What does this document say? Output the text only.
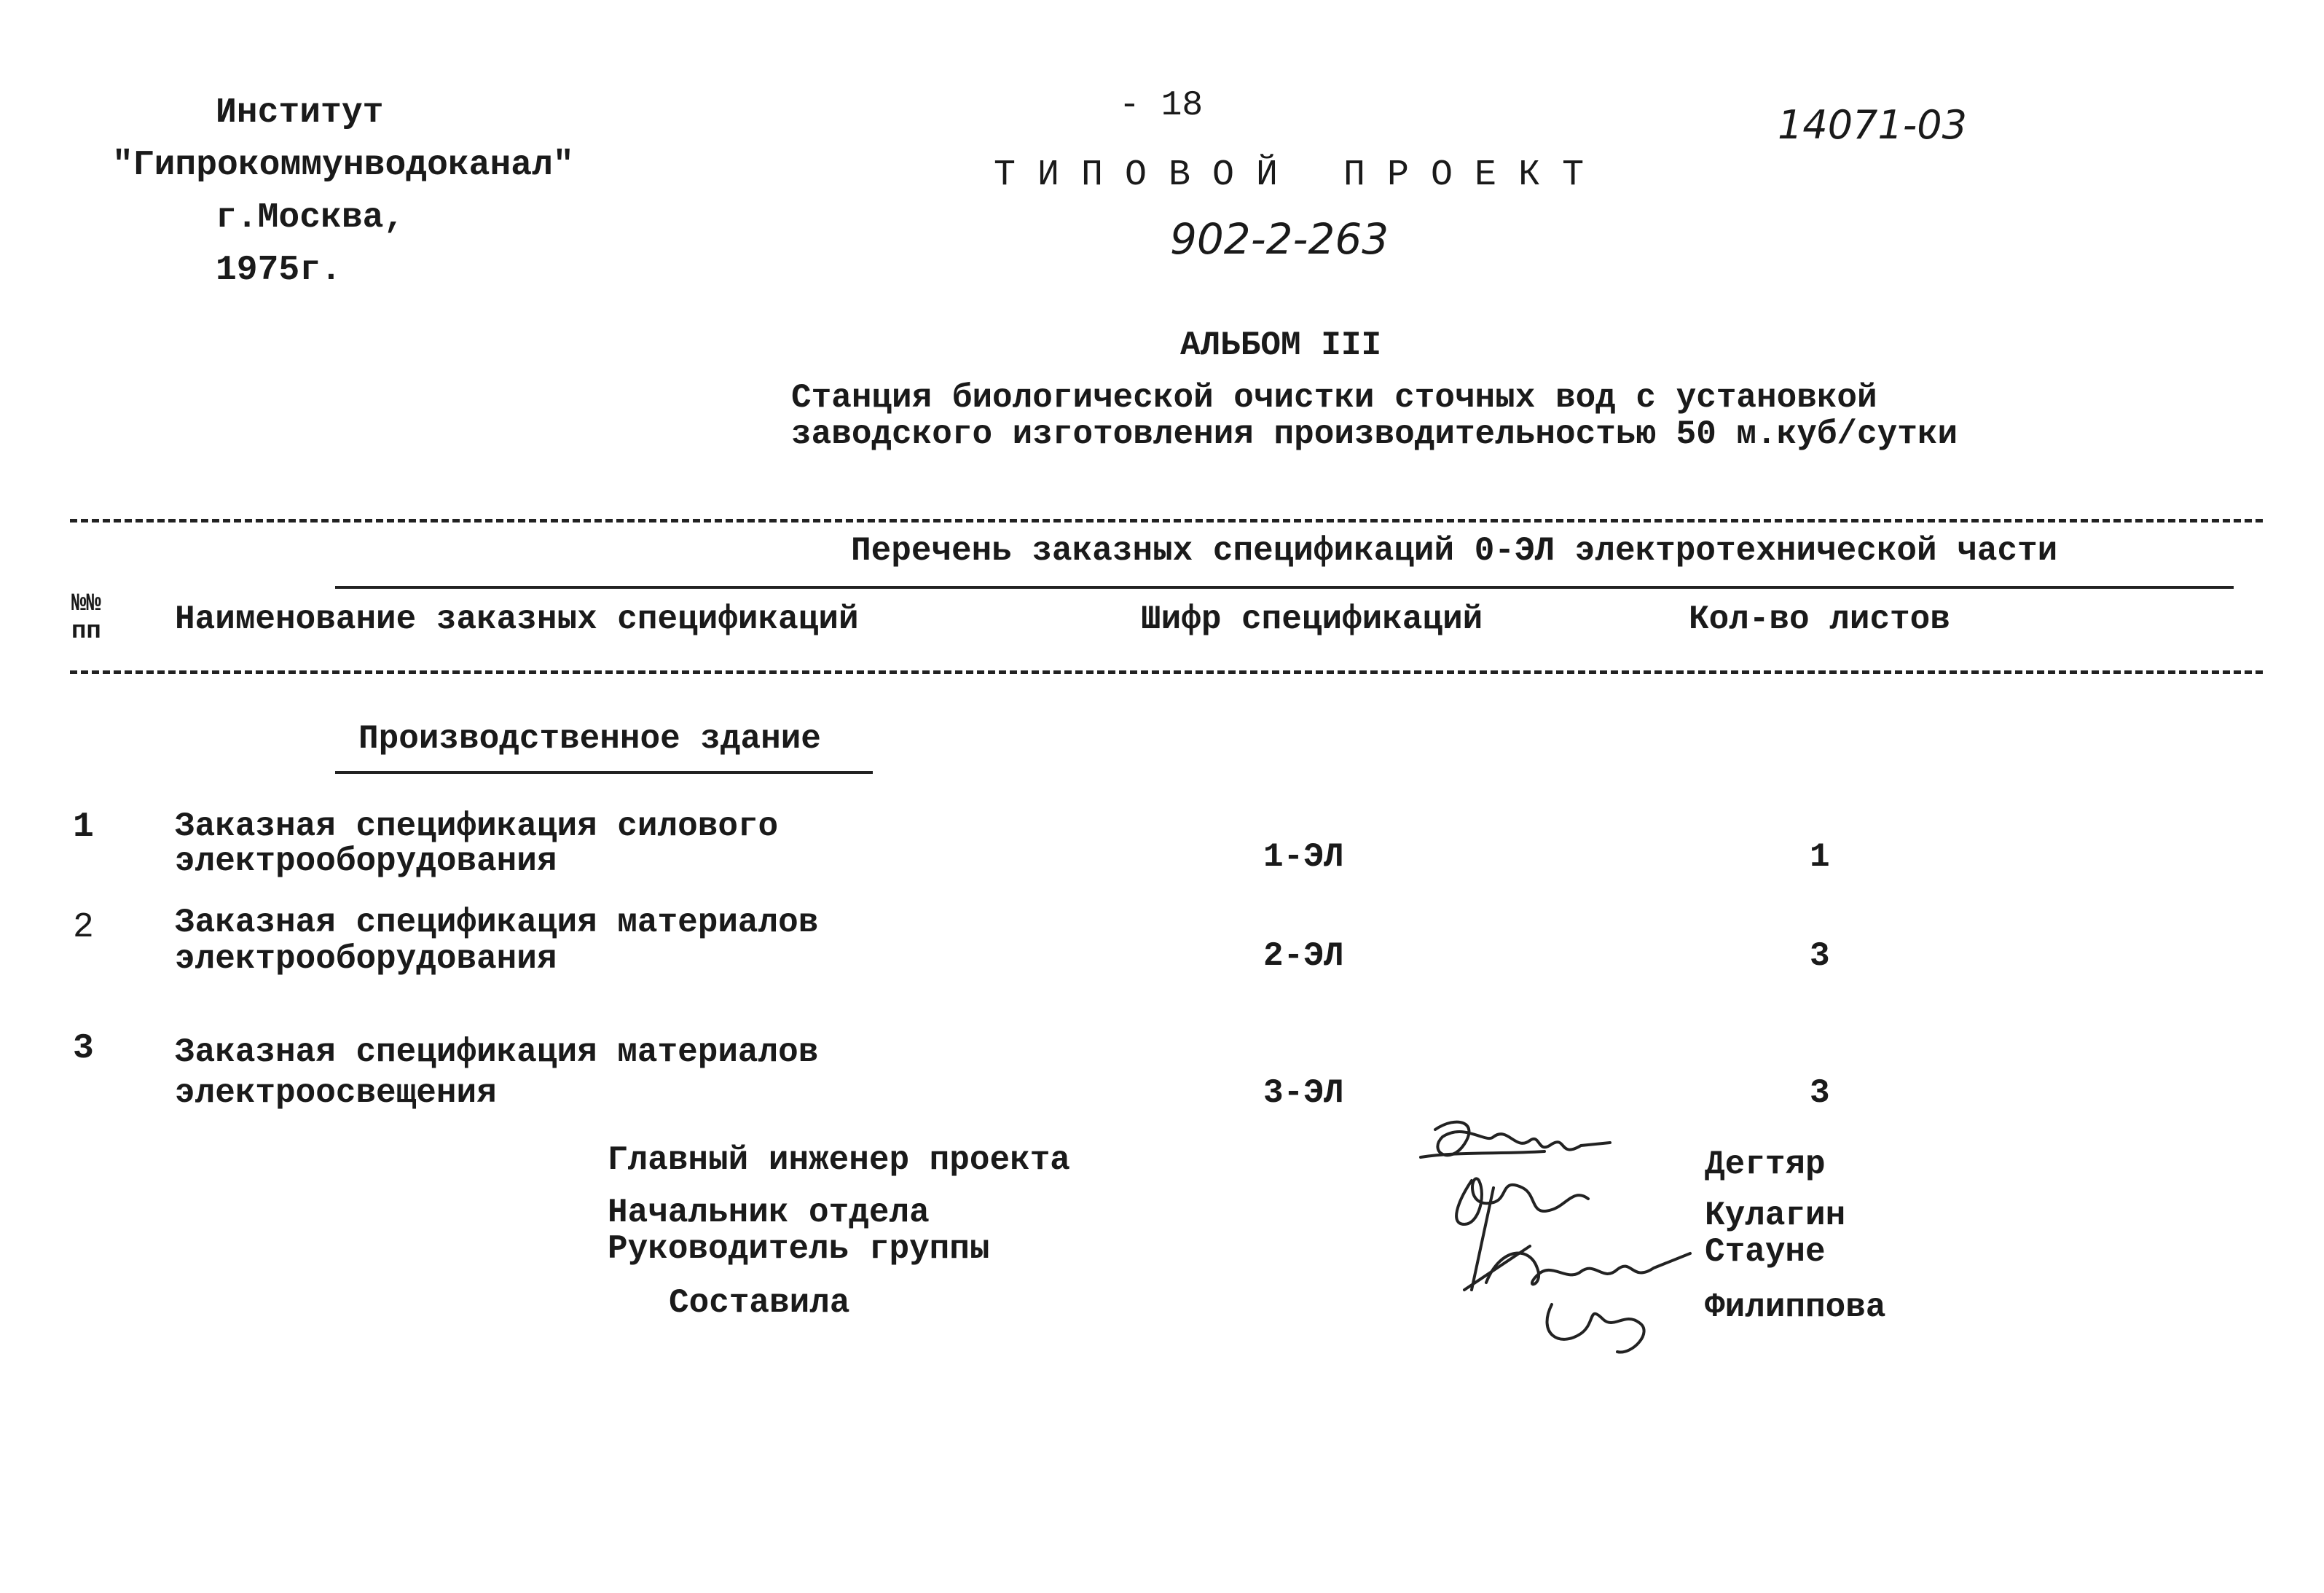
Институт
"Гипрокоммунводоканал"
г.Москва,
1975г.
- 18	14071-03
ТИПОВОЙ ПРОЕКТ
902-2-263
АЛЬБОМ III
Станция биологической очистки сточных вод с установкой
заводского изготовления производительностью 50 м.куб/сутки
Перечень заказных спецификаций 0-ЭЛ электротехнической части
№№ пп	Наименование заказных спецификаций	Шифр спецификаций	Кол-во листов
Производственное здание
1 Заказная спецификация силового
электрооборудования	1-ЭЛ	1
2 Заказная спецификация материалов
электрооборудования	2-ЭЛ	3
3 Заказная спецификация материалов
электроосвещения	3-ЭЛ	3
Главный инженер проекта
Начальник отдела
Руководитель группы
Составила
Дегтяр
Кулагин
Стауне
Филиппова
